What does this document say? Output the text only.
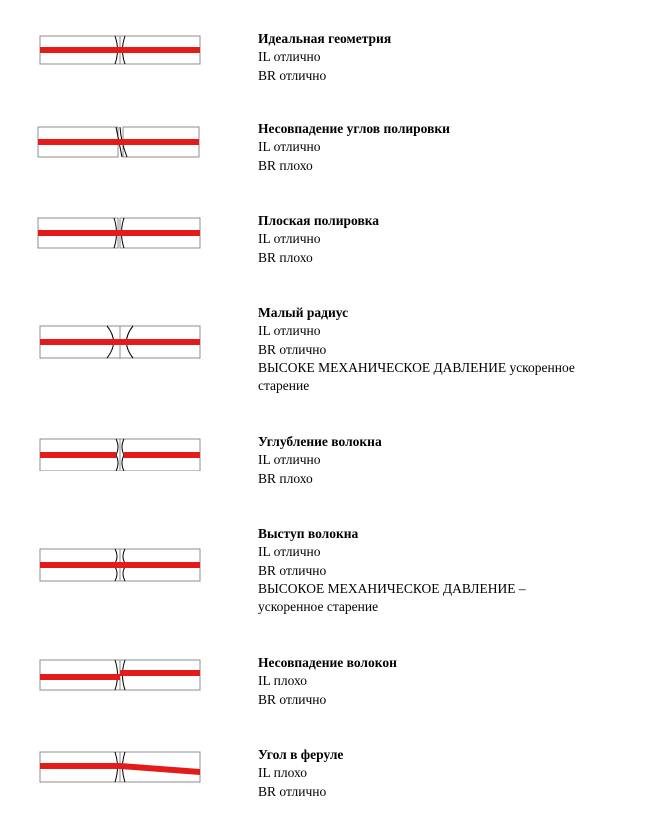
Идеальная геометрия
IL отлично
BR отлично
Несовпадение углов полировки
IL отлично
BR плохо
Плоская полировка
IL отлично
BR плохо
Малый радиус
IL отлично
BR отлично
ВЫСОКЕ МЕХАНИЧЕСКОЕ ДАВЛЕНИЕ ускоренное
старение
Углубление волокна
IL отлично
BR плохо
Выступ волокна
IL отлично
BR отлично
ВЫСОКОЕ МЕХАНИЧЕСКОЕ ДАВЛЕНИЕ –
ускоренное старение
Несовпадение волокон
IL плохо
BR отлично
Угол в феруле
IL плохо
BR отлично
